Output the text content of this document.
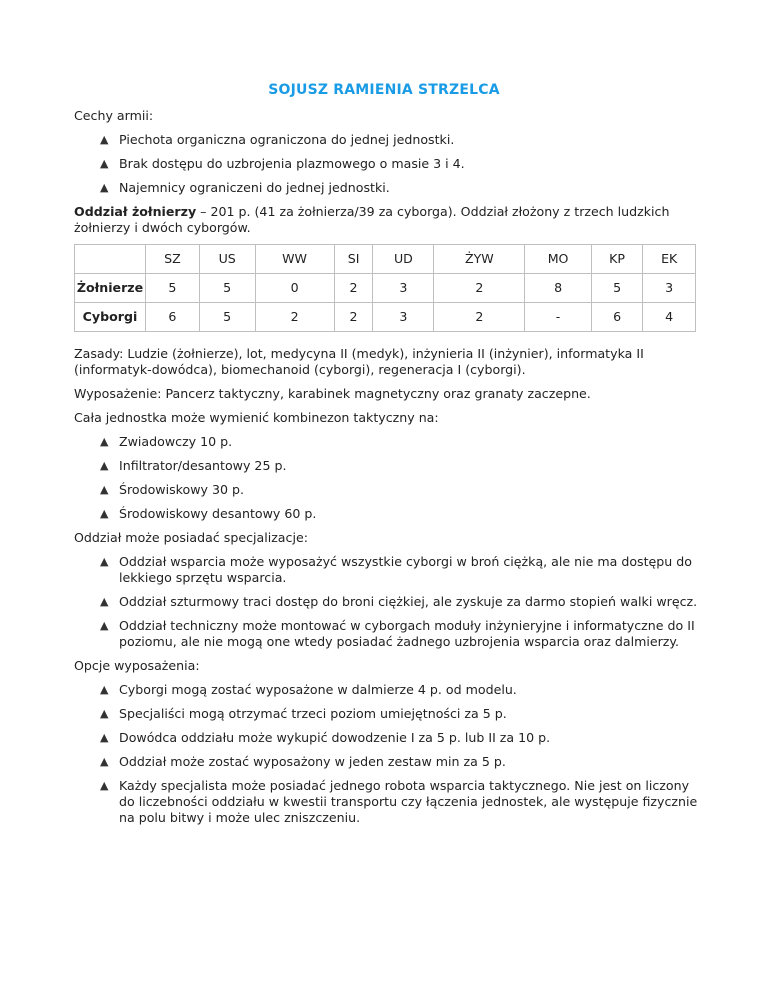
SOJUSZ RAMIENIA STRZELCA

Cechy armii:

▲ Piechota organiczna ograniczona do jednej jednostki.
▲ Brak dostępu do uzbrojenia plazmowego o masie 3 i 4.
▲ Najemnicy ograniczeni do jednej jednostki.

Oddział żołnierzy – 201 p. (41 za żołnierza/39 za cyborga). Oddział złożony z trzech ludzkich żołnierzy i dwóch cyborgów.

	SZ	US	WW	SI	UD	ŻYW	MO	KP	EK
Żołnierze	5	5	0	2	3	2	8	5	3
Cyborgi	6	5	2	2	3	2	-	6	4

Zasady: Ludzie (żołnierze), lot, medycyna II (medyk), inżynieria II (inżynier), informatyka II (informatyk-dowódca), biomechanoid (cyborgi), regeneracja I (cyborgi).

Wyposażenie: Pancerz taktyczny, karabinek magnetyczny oraz granaty zaczepne.

Cała jednostka może wymienić kombinezon taktyczny na:

▲ Zwiadowczy 10 p.
▲ Infiltrator/desantowy 25 p.
▲ Środowiskowy 30 p.
▲ Środowiskowy desantowy 60 p.

Oddział może posiadać specjalizacje:

▲ Oddział wsparcia może wyposażyć wszystkie cyborgi w broń ciężką, ale nie ma dostępu do lekkiego sprzętu wsparcia.
▲ Oddział szturmowy traci dostęp do broni ciężkiej, ale zyskuje za darmo stopień walki wręcz.
▲ Oddział techniczny może montować w cyborgach moduły inżynieryjne i informatyczne do II poziomu, ale nie mogą one wtedy posiadać żadnego uzbrojenia wsparcia oraz dalmierzy.

Opcje wyposażenia:

▲ Cyborgi mogą zostać wyposażone w dalmierze 4 p. od modelu.
▲ Specjaliści mogą otrzymać trzeci poziom umiejętności za 5 p.
▲ Dowódca oddziału może wykupić dowodzenie I za 5 p. lub II za 10 p.
▲ Oddział może zostać wyposażony w jeden zestaw min za 5 p.
▲ Każdy specjalista może posiadać jednego robota wsparcia taktycznego. Nie jest on liczony do liczebności oddziału w kwestii transportu czy łączenia jednostek, ale występuje fizycznie na polu bitwy i może ulec zniszczeniu.
